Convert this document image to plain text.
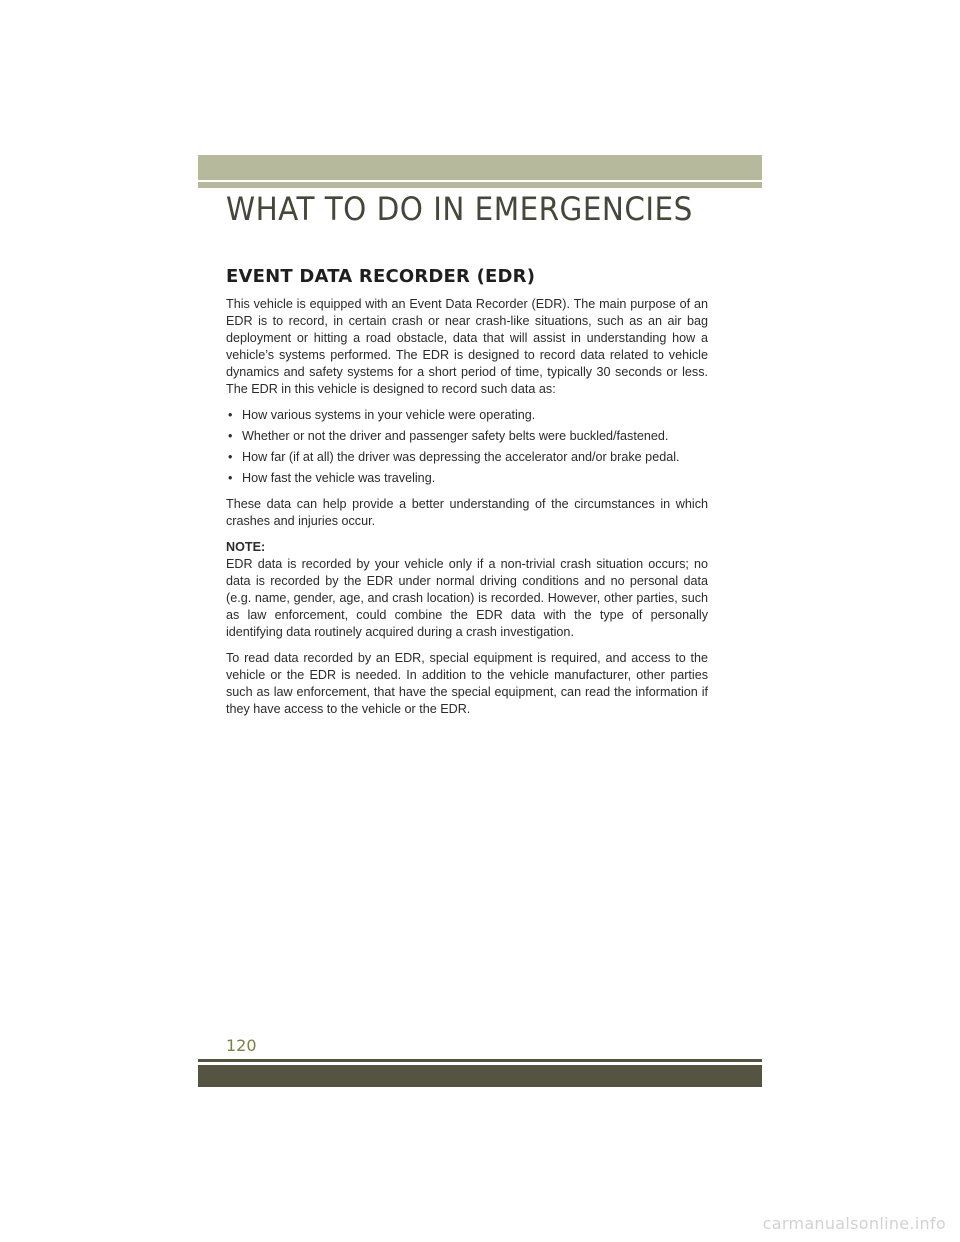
WHAT TO DO IN EMERGENCIES
EVENT DATA RECORDER (EDR)

This vehicle is equipped with an Event Data Recorder (EDR). The main purpose of an EDR is to record, in certain crash or near crash-like situations, such as an air bag deployment or hitting a road obstacle, data that will assist in understanding how a vehicle’s systems performed. The EDR is designed to record data related to vehicle dynamics and safety systems for a short period of time, typically 30 seconds or less. The EDR in this vehicle is designed to record such data as:

• How various systems in your vehicle were operating.
• Whether or not the driver and passenger safety belts were buckled/fastened.
• How far (if at all) the driver was depressing the accelerator and/or brake pedal.
• How fast the vehicle was traveling.

These data can help provide a better understanding of the circumstances in which crashes and injuries occur.

NOTE:

EDR data is recorded by your vehicle only if a non-trivial crash situation occurs; no data is recorded by the EDR under normal driving conditions and no personal data (e.g. name, gender, age, and crash location) is recorded. However, other parties, such as law enforcement, could combine the EDR data with the type of personally identifying data routinely acquired during a crash investigation.

To read data recorded by an EDR, special equipment is required, and access to the vehicle or the EDR is needed. In addition to the vehicle manufacturer, other parties such as law enforcement, that have the special equipment, can read the information if they have access to the vehicle or the EDR.

120
carmanualsonline.info
